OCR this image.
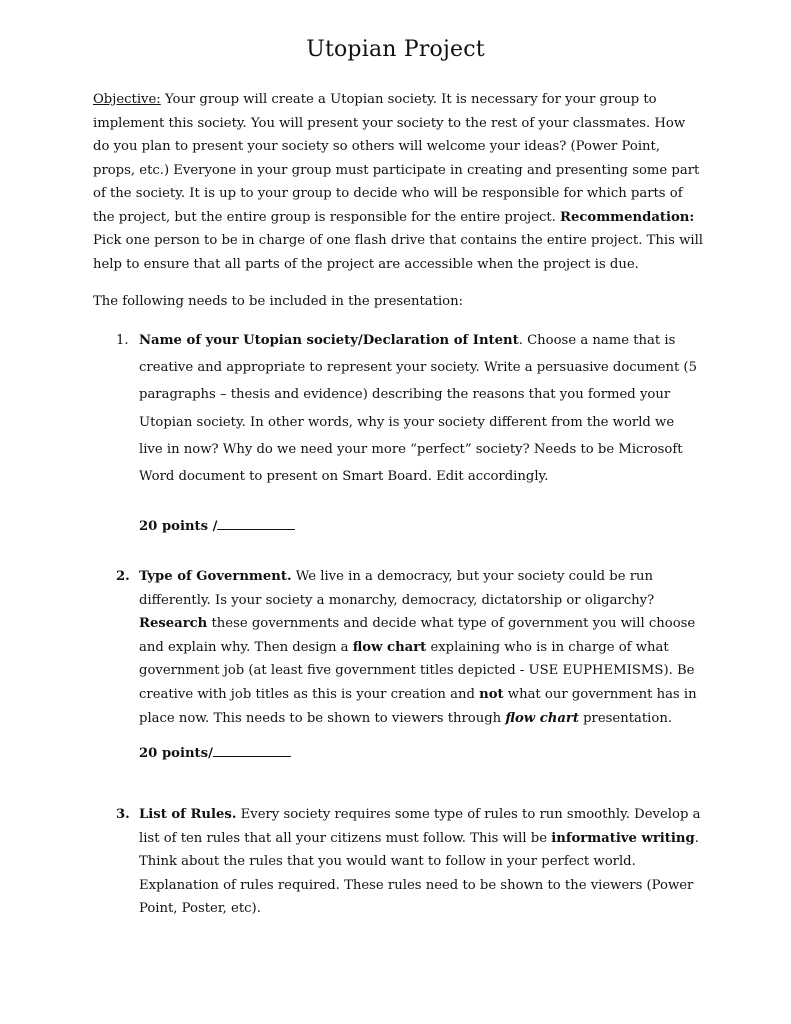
Utopian Project
Objective: Your group will create a Utopian society. It is necessary for your group to implement this society. You will present your society to the rest of your classmates. How do you plan to present your society so others will welcome your ideas? (Power Point, props, etc.) Everyone in your group must participate in creating and presenting some part of the society. It is up to your group to decide who will be responsible for which parts of the project, but the entire group is responsible for the entire project. Recommendation: Pick one person to be in charge of one flash drive that contains the entire project. This will help to ensure that all parts of the project are accessible when the project is due.
The following needs to be included in the presentation:
1. Name of your Utopian society/Declaration of Intent. Choose a name that is creative and appropriate to represent your society. Write a persuasive document (5 paragraphs – thesis and evidence) describing the reasons that you formed your Utopian society. In other words, why is your society different from the world we live in now? Why do we need your more “perfect” society? Needs to be Microsoft Word document to present on Smart Board. Edit accordingly.
20 points /
2. Type of Government. We live in a democracy, but your society could be run differently. Is your society a monarchy, democracy, dictatorship or oligarchy? Research these governments and decide what type of government you will choose and explain why. Then design a flow chart explaining who is in charge of what government job (at least five government titles depicted - USE EUPHEMISMS). Be creative with job titles as this is your creation and not what our government has in place now. This needs to be shown to viewers through flow chart presentation.
20 points/
3. List of Rules. Every society requires some type of rules to run smoothly. Develop a list of ten rules that all your citizens must follow. This will be informative writing. Think about the rules that you would want to follow in your perfect world. Explanation of rules required. These rules need to be shown to the viewers (Power Point, Poster, etc).
